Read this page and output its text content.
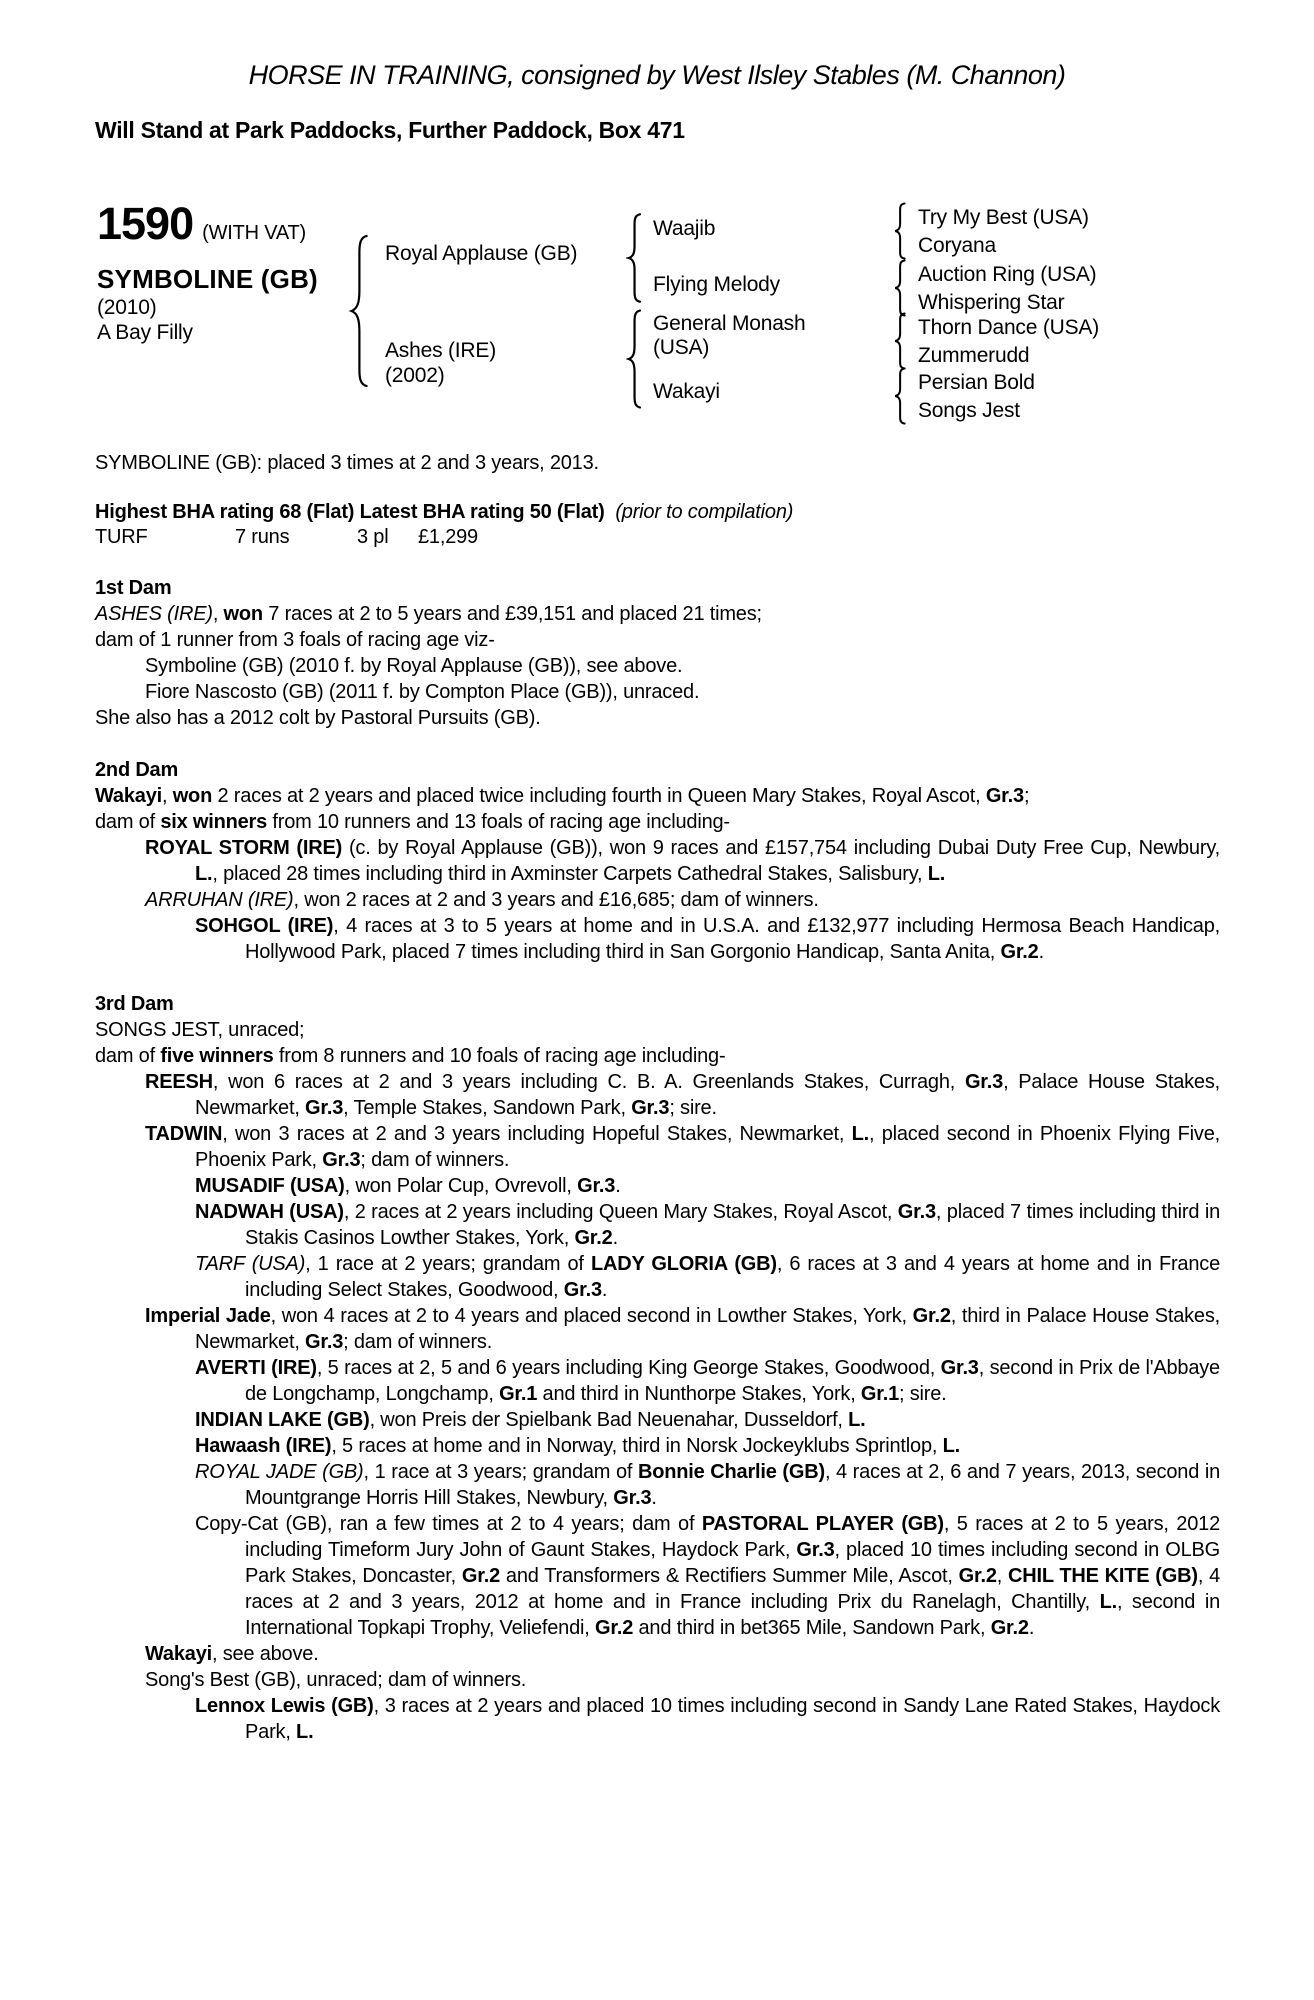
HORSE IN TRAINING, consigned by West Ilsley Stables (M. Channon)
Will Stand at Park Paddocks, Further Paddock, Box 471
1590 (WITH VAT)
SYMBOLINE (GB)
(2010)
A Bay Filly
Royal Applause (GB)
Ashes (IRE)
(2002)
Waajib
Flying Melody
General Monash (USA)
Wakayi
Try My Best (USA)
Coryana
Auction Ring (USA)
Whispering Star
Thorn Dance (USA)
Zummerudd
Persian Bold
Songs Jest
SYMBOLINE (GB): placed 3 times at 2 and 3 years, 2013.
Highest BHA rating 68 (Flat) Latest BHA rating 50 (Flat) (prior to compilation)
TURF	7 runs	3 pl £1,299

1st Dam

ASHES (IRE), won 7 races at 2 to 5 years and £39,151 and placed 21 times;

dam of 1 runner from 3 foals of racing age viz-

Symboline (GB) (2010 f. by Royal Applause (GB)), see above.

Fiore Nascosto (GB) (2011 f. by Compton Place (GB)), unraced.

She also has a 2012 colt by Pastoral Pursuits (GB).

2nd Dam

Wakayi, won 2 races at 2 years and placed twice including fourth in Queen Mary Stakes, Royal Ascot, Gr.3;

dam of six winners from 10 runners and 13 foals of racing age including-

ROYAL STORM (IRE) (c. by Royal Applause (GB)), won 9 races and £157,754 including Dubai Duty Free Cup, Newbury, L., placed 28 times including third in Axminster Carpets Cathedral Stakes, Salisbury, L.

ARRUHAN (IRE), won 2 races at 2 and 3 years and £16,685; dam of winners.

SOHGOL (IRE), 4 races at 3 to 5 years at home and in U.S.A. and £132,977 including Hermosa Beach Handicap, Hollywood Park, placed 7 times including third in San Gorgonio Handicap, Santa Anita, Gr.2.

3rd Dam

SONGS JEST, unraced;

dam of five winners from 8 runners and 10 foals of racing age including-

REESH, won 6 races at 2 and 3 years including C. B. A. Greenlands Stakes, Curragh, Gr.3, Palace House Stakes, Newmarket, Gr.3, Temple Stakes, Sandown Park, Gr.3; sire.

TADWIN, won 3 races at 2 and 3 years including Hopeful Stakes, Newmarket, L., placed second in Phoenix Flying Five, Phoenix Park, Gr.3; dam of winners.

MUSADIF (USA), won Polar Cup, Ovrevoll, Gr.3.

NADWAH (USA), 2 races at 2 years including Queen Mary Stakes, Royal Ascot, Gr.3, placed 7 times including third in Stakis Casinos Lowther Stakes, York, Gr.2.

TARF (USA), 1 race at 2 years; grandam of LADY GLORIA (GB), 6 races at 3 and 4 years at home and in France including Select Stakes, Goodwood, Gr.3.

Imperial Jade, won 4 races at 2 to 4 years and placed second in Lowther Stakes, York, Gr.2, third in Palace House Stakes, Newmarket, Gr.3; dam of winners.

AVERTI (IRE), 5 races at 2, 5 and 6 years including King George Stakes, Goodwood, Gr.3, second in Prix de l'Abbaye de Longchamp, Longchamp, Gr.1 and third in Nunthorpe Stakes, York, Gr.1; sire.

INDIAN LAKE (GB), won Preis der Spielbank Bad Neuenahar, Dusseldorf, L.

Hawaash (IRE), 5 races at home and in Norway, third in Norsk Jockeyklubs Sprintlop, L.

ROYAL JADE (GB), 1 race at 3 years; grandam of Bonnie Charlie (GB), 4 races at 2, 6 and 7 years, 2013, second in Mountgrange Horris Hill Stakes, Newbury, Gr.3.

Copy-Cat (GB), ran a few times at 2 to 4 years; dam of PASTORAL PLAYER (GB), 5 races at 2 to 5 years, 2012 including Timeform Jury John of Gaunt Stakes, Haydock Park, Gr.3, placed 10 times including second in OLBG Park Stakes, Doncaster, Gr.2 and Transformers & Rectifiers Summer Mile, Ascot, Gr.2, CHIL THE KITE (GB), 4 races at 2 and 3 years, 2012 at home and in France including Prix du Ranelagh, Chantilly, L., second in International Topkapi Trophy, Veliefendi, Gr.2 and third in bet365 Mile, Sandown Park, Gr.2.

Wakayi, see above.

Song's Best (GB), unraced; dam of winners.

Lennox Lewis (GB), 3 races at 2 years and placed 10 times including second in Sandy Lane Rated Stakes, Haydock Park, L.
